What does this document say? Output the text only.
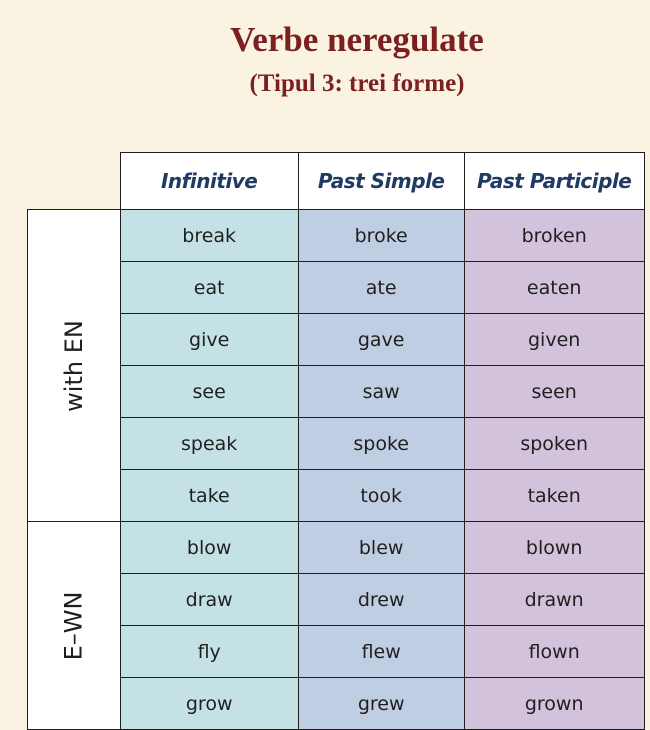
Verbe neregulate
(Tipul 3: trei forme)
	Infinitive	Past Simple	Past Participle
with EN	break	broke	broken
	eat	ate	eaten
	give	gave	given
	see	saw	seen
	speak	spoke	spoken
	take	took	taken
E–WN	blow	blew	blown
	draw	drew	drawn
	fly	flew	flown
	grow	grew	grown
